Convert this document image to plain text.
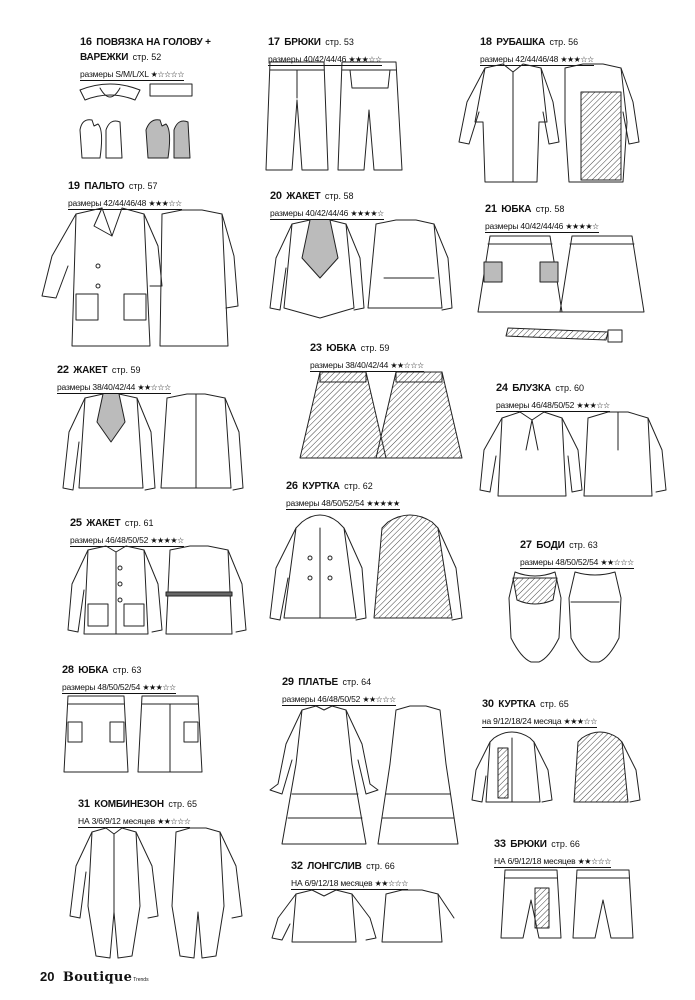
16 ПОВЯЗКА НА ГОЛОВУ +
ВАРЕЖКИ стр. 52
размеры S/M/L/XL ★☆☆☆☆
17 БРЮКИ стр. 53
размеры 40/42/44/46 ★★★☆☆
18 РУБАШКА стр. 56
размеры 42/44/46/48 ★★★☆☆
19 ПАЛЬТО стр. 57
размеры 42/44/46/48 ★★★☆☆
20 ЖАКЕТ стр. 58
размеры 40/42/44/46 ★★★★☆	21 ЮБКА стр. 58
размеры 40/42/44/46 ★★★★☆
22 ЖАКЕТ стр. 59
размеры 38/40/42/44 ★★☆☆☆
23 ЮБКА стр. 59
размеры 38/40/42/44 ★★☆☆☆
24 БЛУЗКА стр. 60
размеры 46/48/50/52 ★★★☆☆
25 ЖАКЕТ стр. 61
размеры 46/48/50/52 ★★★★☆
26 КУРТКА стр. 62
размеры 48/50/52/54 ★★★★★
27 БОДИ стр. 63
размеры 48/50/52/54 ★★☆☆☆
28 ЮБКА стр. 63
размеры 48/50/52/54 ★★★☆☆	29 ПЛАТЬЕ стр. 64
размеры 46/48/50/52 ★★☆☆☆	30 КУРТКА стр. 65
на 9/12/18/24 месяца ★★★☆☆
31 КОМБИНЕЗОН стр. 65
НА 3/6/9/12 месяцев ★★☆☆☆
32 ЛОНГСЛИВ стр. 66
НА 6/9/12/18 месяцев ★★☆☆☆
33 БРЮКИ стр. 66
НА 6/9/12/18 месяцев ★★☆☆☆
20 BoutiqueTrends
